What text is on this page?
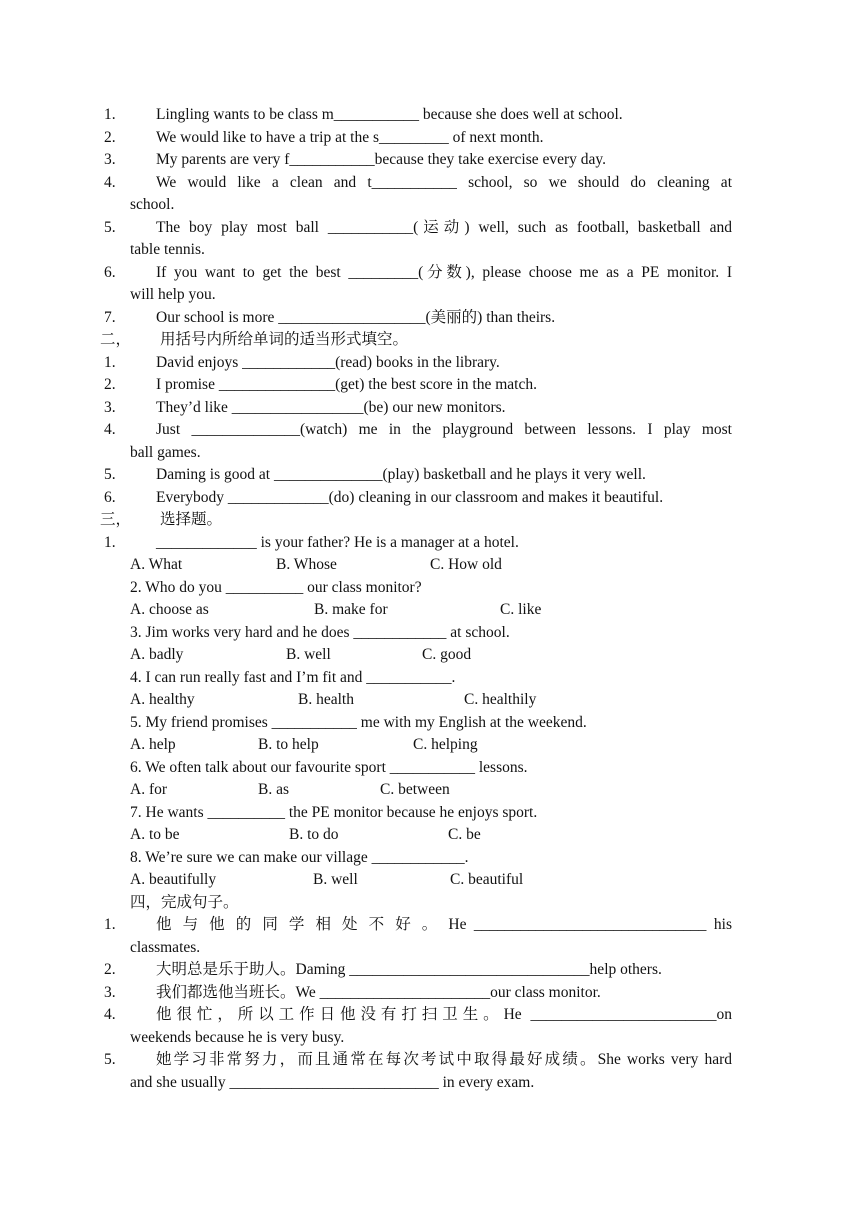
1.	Lingling wants to be class m___________ because she does well at school.
2.	We would like to have a trip at the s_________ of next month.
3.	My parents are very f___________because they take exercise every day.
4.	We would like a clean and t___________ school, so we should do cleaning at
school.
5.	The boy play most ball ___________(运动) well, such as football, basketball and
table tennis.
6.	If you want to get the best _________(分数), please choose me as a PE monitor. I
will help you.
7.	Our school is more ___________________(美丽的) than theirs.
二， 用括号内所给单词的适当形式填空。
1.	David enjoys ____________(read) books in the library.
2.	I promise _______________(get) the best score in the match.
3.	They’d like _________________(be) our new monitors.
4.	Just ______________(watch) me in the playground between lessons. I play most
ball games.
5.	Daming is good at ______________(play) basketball and he plays it very well.
6.	Everybody _____________(do) cleaning in our classroom and makes it beautiful.
三， 选择题。
1.	_____________ is your father? He is a manager at a hotel.
A. What	B. Whose	C. How old
2. Who do you __________ our class monitor?
A. choose as	B. make for	C. like
3. Jim works very hard and he does ____________ at school.
A. badly	B. well	C. good
4. I can run really fast and I’m fit and ___________.
A. healthy	B. health	C. healthily
5. My friend promises ___________ me with my English at the weekend.
A. help	B. to help	C. helping
6. We often talk about our favourite sport ___________ lessons.
A. for	B. as	C. between
7. He wants __________ the PE monitor because he enjoys sport.
A. to be	B. to do	C. be
8. We’re sure we can make our village ____________.
A. beautifully	B. well	C. beautiful
四，完成句子。
1.	他 与 他 的 同 学 相 处 不 好 。 He ______________________________ his
classmates.
2.	大明总是乐于助人。Daming _______________________________help others.
3.	我们都选他当班长。We ______________________our class monitor.
4.	他很忙，所以工作日他没有打扫卫生。He ________________________on
weekends because he is very busy.
5.	她学习非常努力，而且通常在每次考试中取得最好成绩。She works very hard
and she usually ___________________________ in every exam.
